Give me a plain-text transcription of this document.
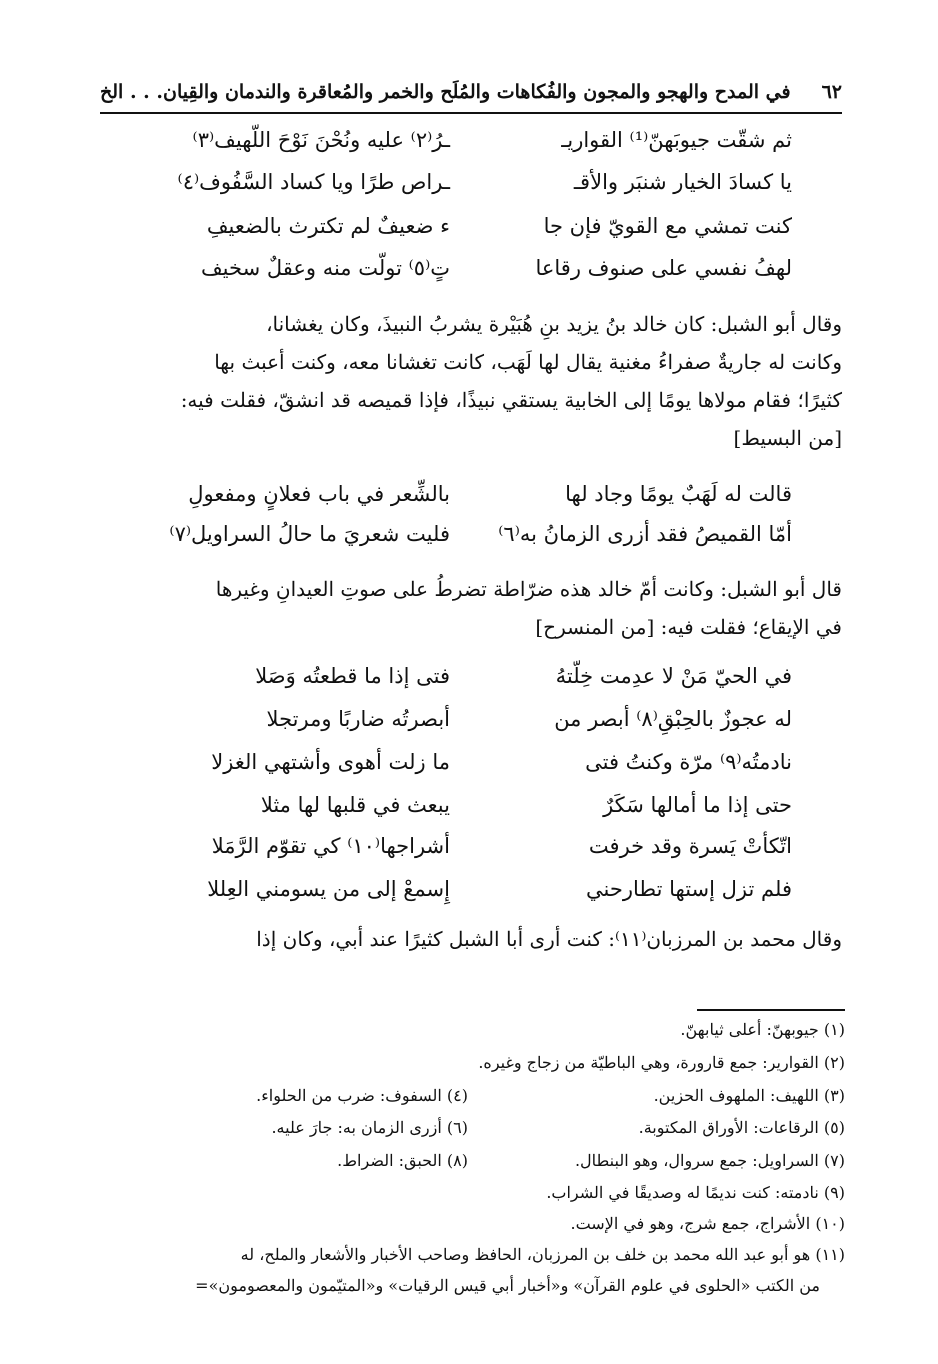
٦٢
في المدح والهجو والمجون والفُكاهات والمُلَح والخمر والمُعاقرة والندمان والقِيان. . . الخ
ثم شقّت جيوبَهنّ⁽¹⁾ القواريـ
ـرُ⁽٢⁾ عليه ونُحْنَ نَوْحَ اللّهيف⁽٣⁾
يا كسادَ الخيار شنبَر والأقـ
ـراص طرًا ويا كساد السَّفُوف⁽٤⁾
كنت تمشي مع القويّ فإن جا
ء ضعيفٌ لم تكترث بالضعيفِ
لهفُ نفسي على صنوف رقاعا
تٍ⁽٥⁾ تولّت منه وعقلٌ سخيف
وقال أبو الشبل: كان خالد بنُ يزيد بنِ هُبَيْرة يشربُ النبيذَ، وكان يغشانا،
وكانت له جاريةٌ صفراءُ مغنية يقال لها لَهَب، كانت تغشانا معه، وكنت أعبث بها
كثيرًا؛ فقام مولاها يومًا إلى الخابية يستقي نبيذًا، فإذا قميصه قد انشقّ، فقلت فيه:
[من البسيط]
قالت له لَهَبٌ يومًا وجاد لها
بالشِّعر في باب فعلانٍ ومفعولِ
أمّا القميصُ فقد أزرى الزمانُ به⁽٦⁾
فليت شعريَ ما حالُ السراويل⁽٧⁾
قال أبو الشبل: وكانت أمّ خالد هذه ضرّاطة تضرطُ على صوتِ العيدانِ وغيرها
في الإيقاع؛ فقلت فيه: [من المنسرح]
في الحيّ مَنْ لا عدِمت خِلّتهُ
فتى إذا ما قطعتُه وَصَلا
له عجوزٌ بالحِبْقِ⁽٨⁾ أبصر من
أبصرتُه ضاربًا ومرتجلا
نادمتُه⁽٩⁾ مرّة وكنتُ فتى
ما زلت أهوى وأشتهي الغزلا
حتى إذا ما أمالها سَكَرٌ
يبعث في قلبها لها مثلا
اتّكأتْ يَسرة وقد خرفت
أشراجها⁽١٠⁾ كي تقوّم الرَّمَلا
فلم تزل إستها تطارحني
إِسمعْ إلى من يسومني العِللا
وقال محمد بن المرزبان⁽١١⁾: كنت أرى أبا الشبل كثيرًا عند أبي، وكان إذا
(١) جيوبهنّ: أعلى ثيابهنّ.
(٢) القوارير: جمع قارورة، وهي الباطيّة من زجاج وغيره.
(٣) اللهيف: الملهوف الحزين.
(٤) السفوف: ضرب من الحلواء.
(٥) الرقاعات: الأوراق المكتوبة.
(٦) أزرى الزمان به: جارَ عليه.
(٧) السراويل: جمع سروال، وهو البنطال.
(٨) الحبق: الضراط.
(٩) نادمته: كنت نديمًا له وصديقًا في الشراب.
(١٠) الأشراج، جمع شرج، وهو في الإست.
(١١) هو أبو عبد الله محمد بن خلف بن المرزبان، الحافظ وصاحب الأخبار والأشعار والملح، له
من الكتب «الحلوى في علوم القرآن» و«أخبار أبي قيس الرقيات» و«المتيّمون والمعصومون»=
